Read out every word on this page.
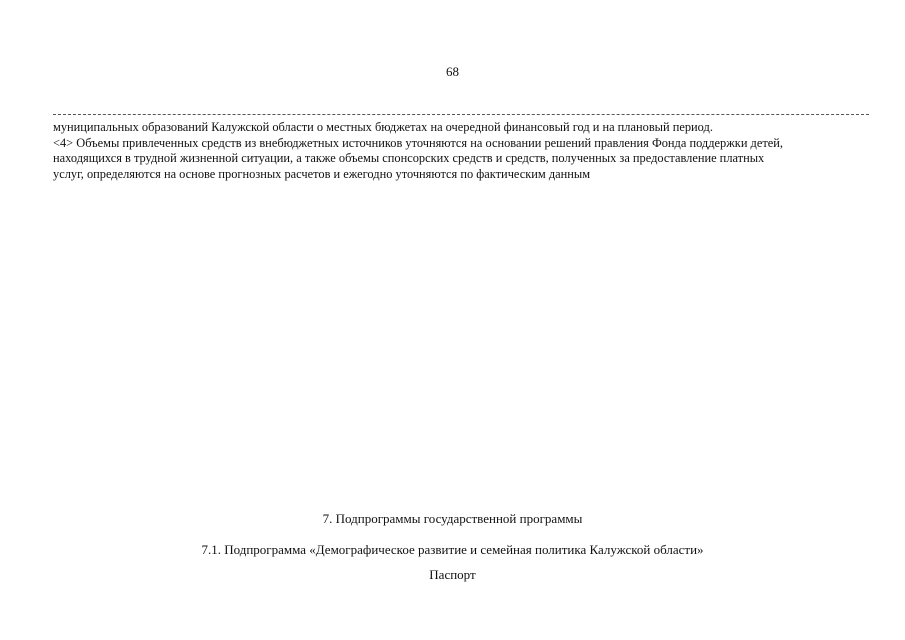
68

муниципальных образований Калужской области о местных бюджетах на очередной финансовый год и на плановый период.

<4> Объемы привлеченных средств из внебюджетных источников уточняются на основании решений правления Фонда поддержки детей,

находящихся в трудной жизненной ситуации, а также объемы спонсорских средств и средств, полученных за предоставление платных

услуг, определяются на основе прогнозных расчетов и ежегодно уточняются по фактическим данным

7. Подпрограммы государственной программы
7.1. Подпрограмма «Демографическое развитие и семейная политика Калужской области»
Паспорт
